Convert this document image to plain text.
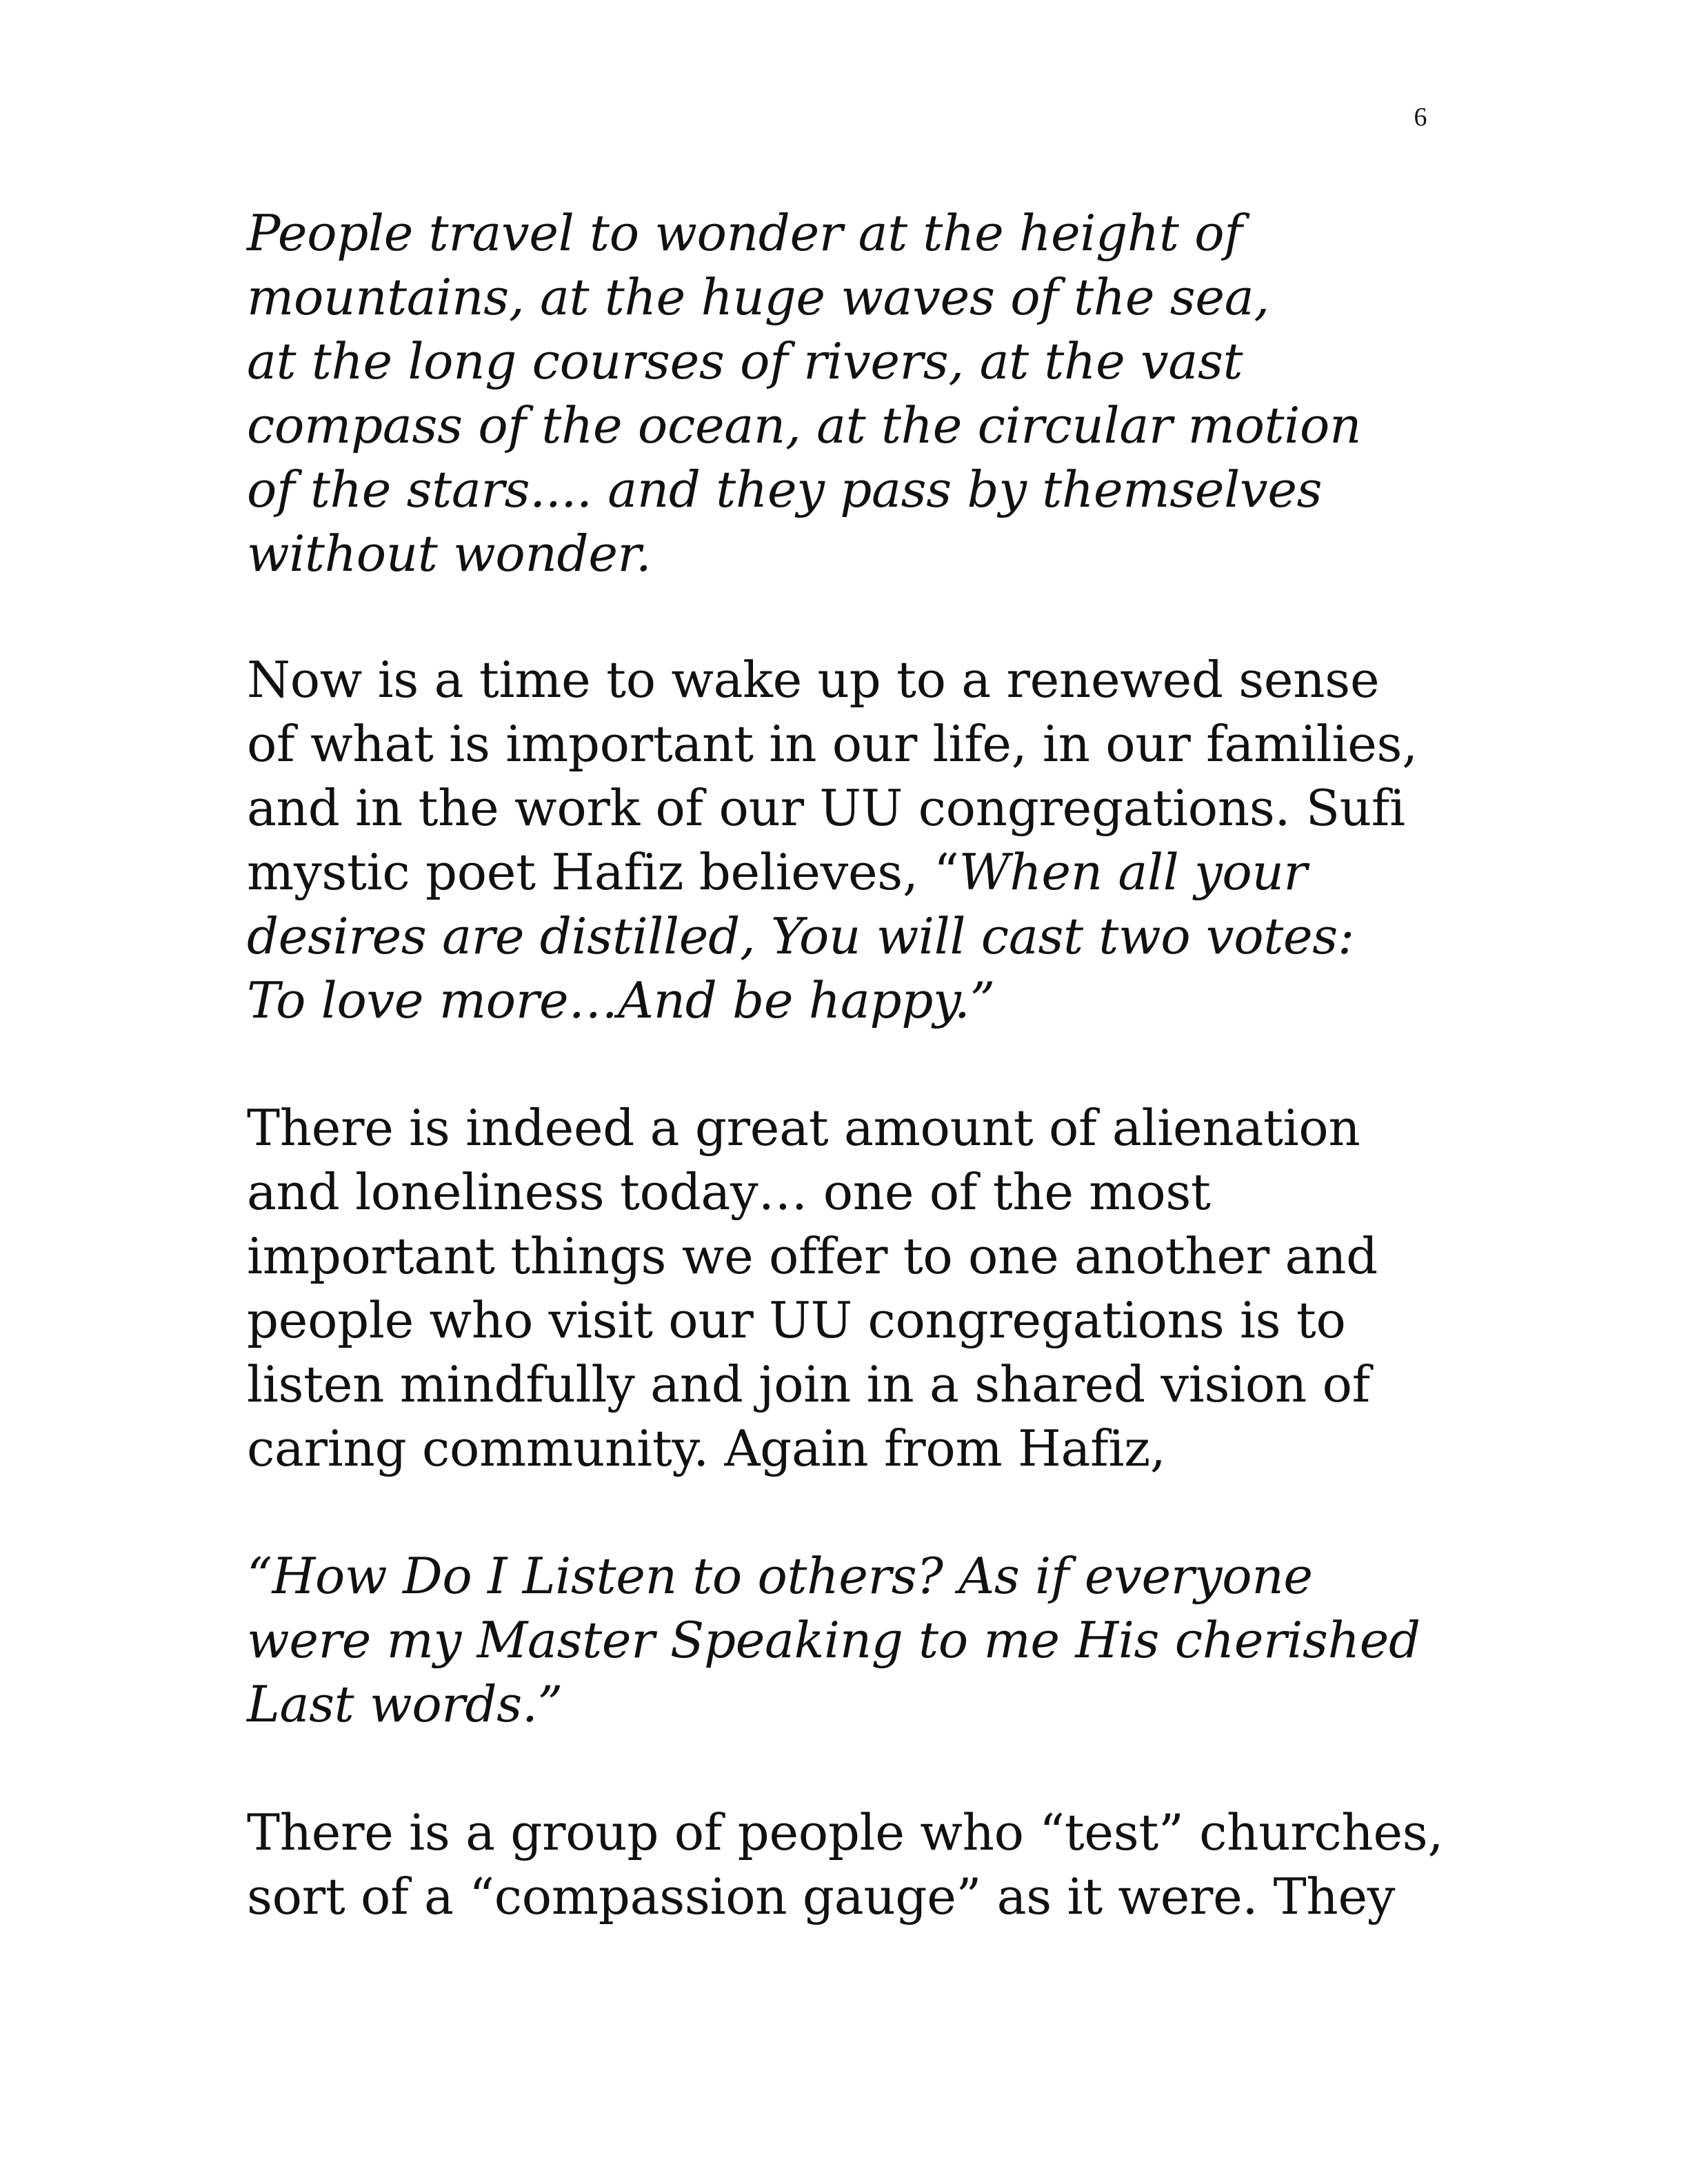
6
People travel to wonder at the height of
mountains, at the huge waves of the sea,
at the long courses of rivers, at the vast
compass of the ocean, at the circular motion
of the stars.... and they pass by themselves
without wonder.
Now is a time to wake up to a renewed sense
of what is important in our life, in our families,
and in the work of our UU congregations. Sufi
mystic poet Hafiz believes, “When all your
desires are distilled, You will cast two votes:
To love more…And be happy.”
There is indeed a great amount of alienation
and loneliness today… one of the most
important things we offer to one another and
people who visit our UU congregations is to
listen mindfully and join in a shared vision of
caring community. Again from Hafiz,
“How Do I Listen to others? As if everyone
were my Master Speaking to me His cherished
Last words.”
There is a group of people who “test” churches,
sort of a “compassion gauge” as it were. They
